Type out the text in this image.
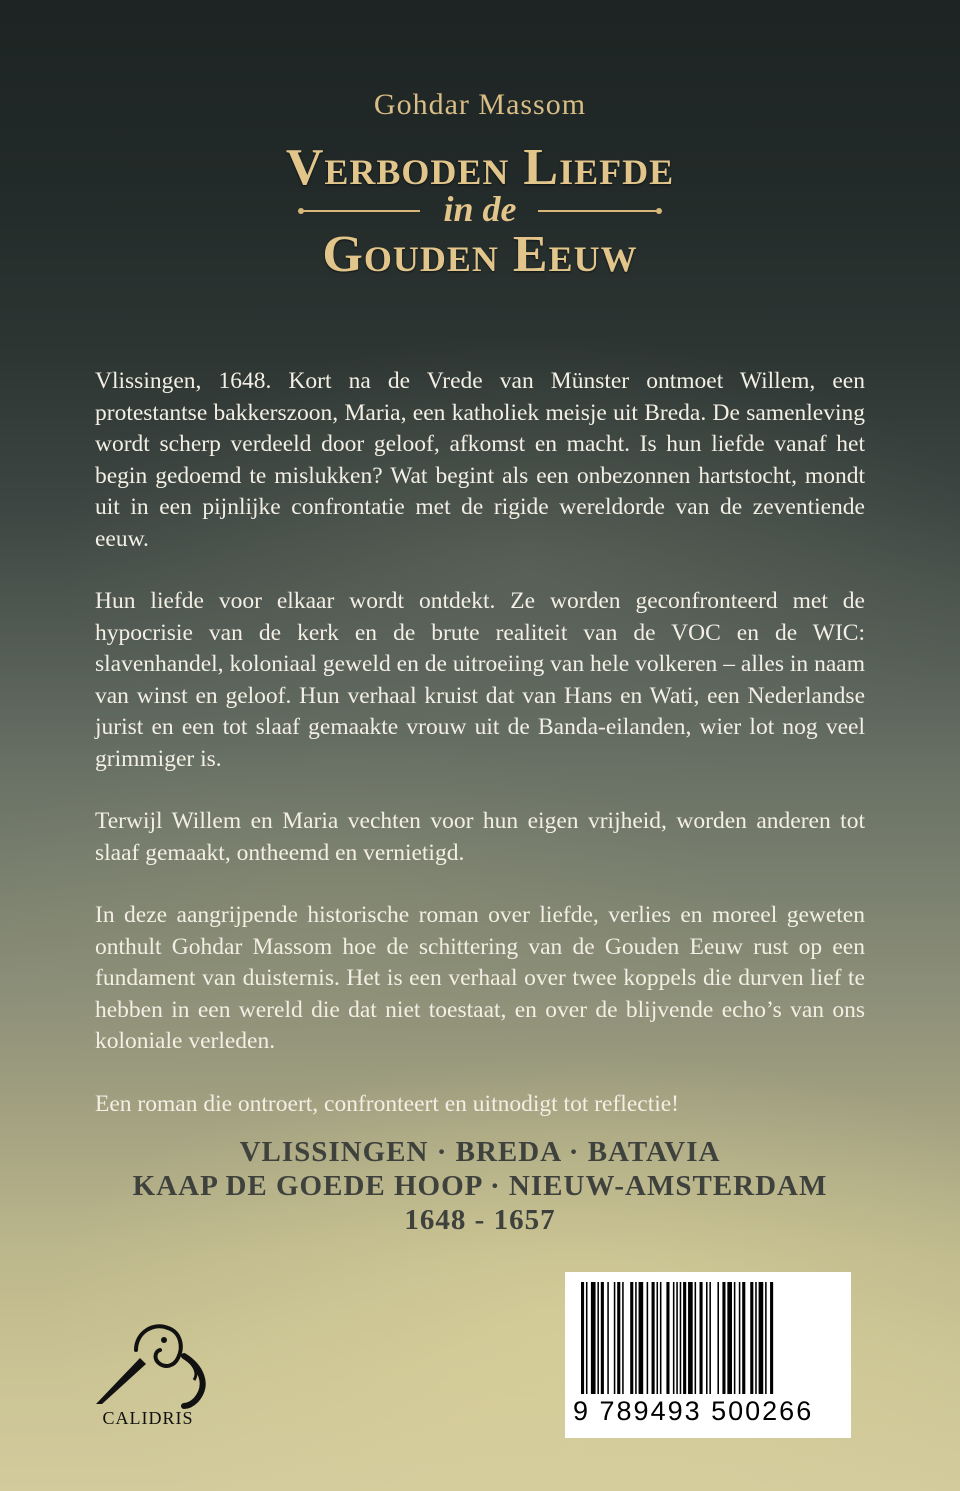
Gohdar Massom
Verboden Liefde
in de
Gouden Eeuw

Vlissingen, 1648. Kort na de Vrede van Münster ontmoet Willem, een protestantse bakkerszoon, Maria, een katholiek meisje uit Breda. De samenleving wordt scherp verdeeld door geloof, afkomst en macht. Is hun liefde vanaf het begin gedoemd te mislukken? Wat begint als een onbezonnen hartstocht, mondt uit in een pijnlijke confrontatie met de rigide wereldorde van de zeventiende eeuw.

Hun liefde voor elkaar wordt ontdekt. Ze worden geconfronteerd met de hypocrisie van de kerk en de brute realiteit van de VOC en de WIC: slavenhandel, koloniaal geweld en de uitroeiing van hele volkeren – alles in naam van winst en geloof. Hun verhaal kruist dat van Hans en Wati, een Nederlandse jurist en een tot slaaf gemaakte vrouw uit de Banda-eilanden, wier lot nog veel grimmiger is.

Terwijl Willem en Maria vechten voor hun eigen vrijheid, worden anderen tot slaaf gemaakt, ontheemd en vernietigd.

In deze aangrijpende historische roman over liefde, verlies en moreel geweten onthult Gohdar Massom hoe de schittering van de Gouden Eeuw rust op een fundament van duisternis. Het is een verhaal over twee koppels die durven lief te hebben in een wereld die dat niet toestaat, en over de blijvende echo’s van ons koloniale verleden.

Een roman die ontroert, confronteert en uitnodigt tot reflectie!

VLISSINGEN · BREDA · BATAVIA
KAAP DE GOEDE HOOP · NIEUW-AMSTERDAM
1648 - 1657
CALIDRIS	9 789493 500266
